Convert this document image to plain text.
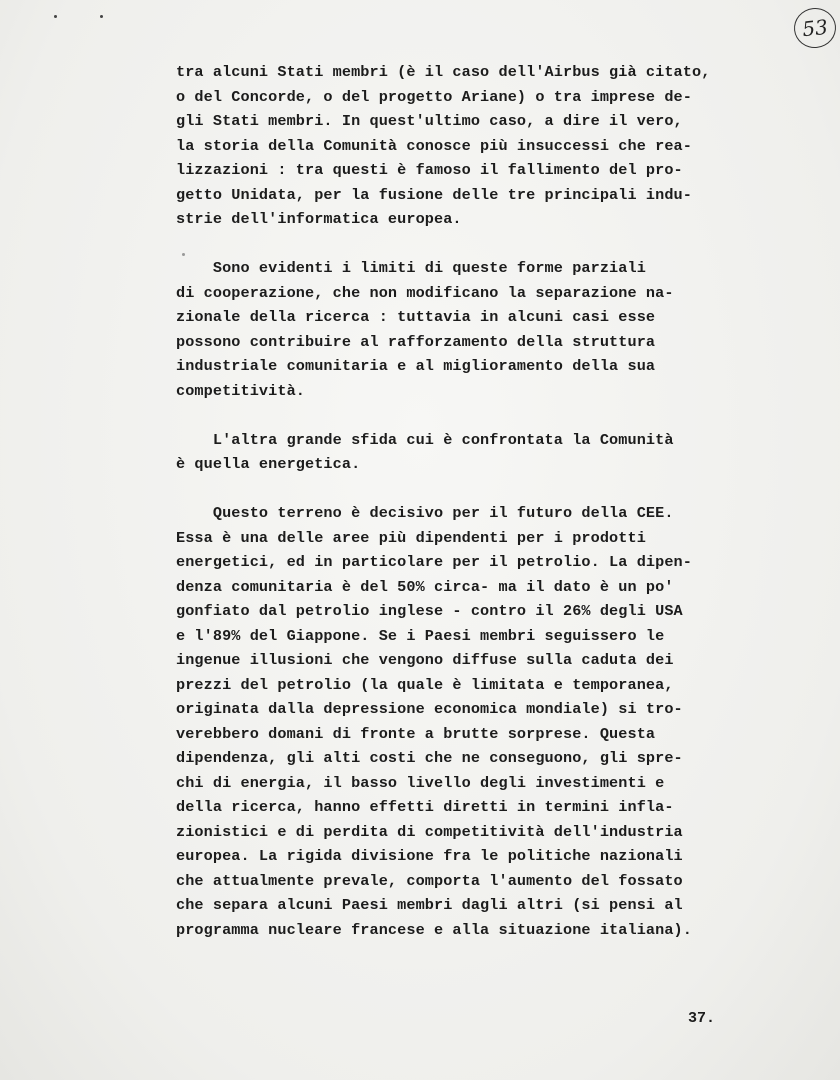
53
tra alcuni Stati membri (è il caso dell'Airbus già citato,
o del Concorde, o del progetto Ariane) o tra imprese de-
gli Stati membri. In quest'ultimo caso, a dire il vero,
la storia della Comunità conosce più insuccessi che rea-
lizzazioni : tra questi è famoso il fallimento del pro-
getto Unidata, per la fusione delle tre principali indu-
strie dell'informatica europea.
Sono evidenti i limiti di queste forme parziali
di cooperazione, che non modificano la separazione na-
zionale della ricerca : tuttavia in alcuni casi esse
possono contribuire al rafforzamento della struttura
industriale comunitaria e al miglioramento della sua
competitività.
L'altra grande sfida cui è confrontata la Comunità
è quella energetica.
Questo terreno è decisivo per il futuro della CEE.
Essa è una delle aree più dipendenti per i prodotti
energetici, ed in particolare per il petrolio. La dipen-
denza comunitaria è del 50% circa- ma il dato è un po'
gonfiato dal petrolio inglese - contro il 26% degli USA
e l'89% del Giappone. Se i Paesi membri seguissero le
ingenue illusioni che vengono diffuse sulla caduta dei
prezzi del petrolio (la quale è limitata e temporanea,
originata dalla depressione economica mondiale) si tro-
verebbero domani di fronte a brutte sorprese. Questa
dipendenza, gli alti costi che ne conseguono, gli spre-
chi di energia, il basso livello degli investimenti e
della ricerca, hanno effetti diretti in termini infla-
zionistici e di perdita di competitività dell'industria
europea. La rigida divisione fra le politiche nazionali
che attualmente prevale, comporta l'aumento del fossato
che separa alcuni Paesi membri dagli altri (si pensi al
programma nucleare francese e alla situazione italiana).
37.
